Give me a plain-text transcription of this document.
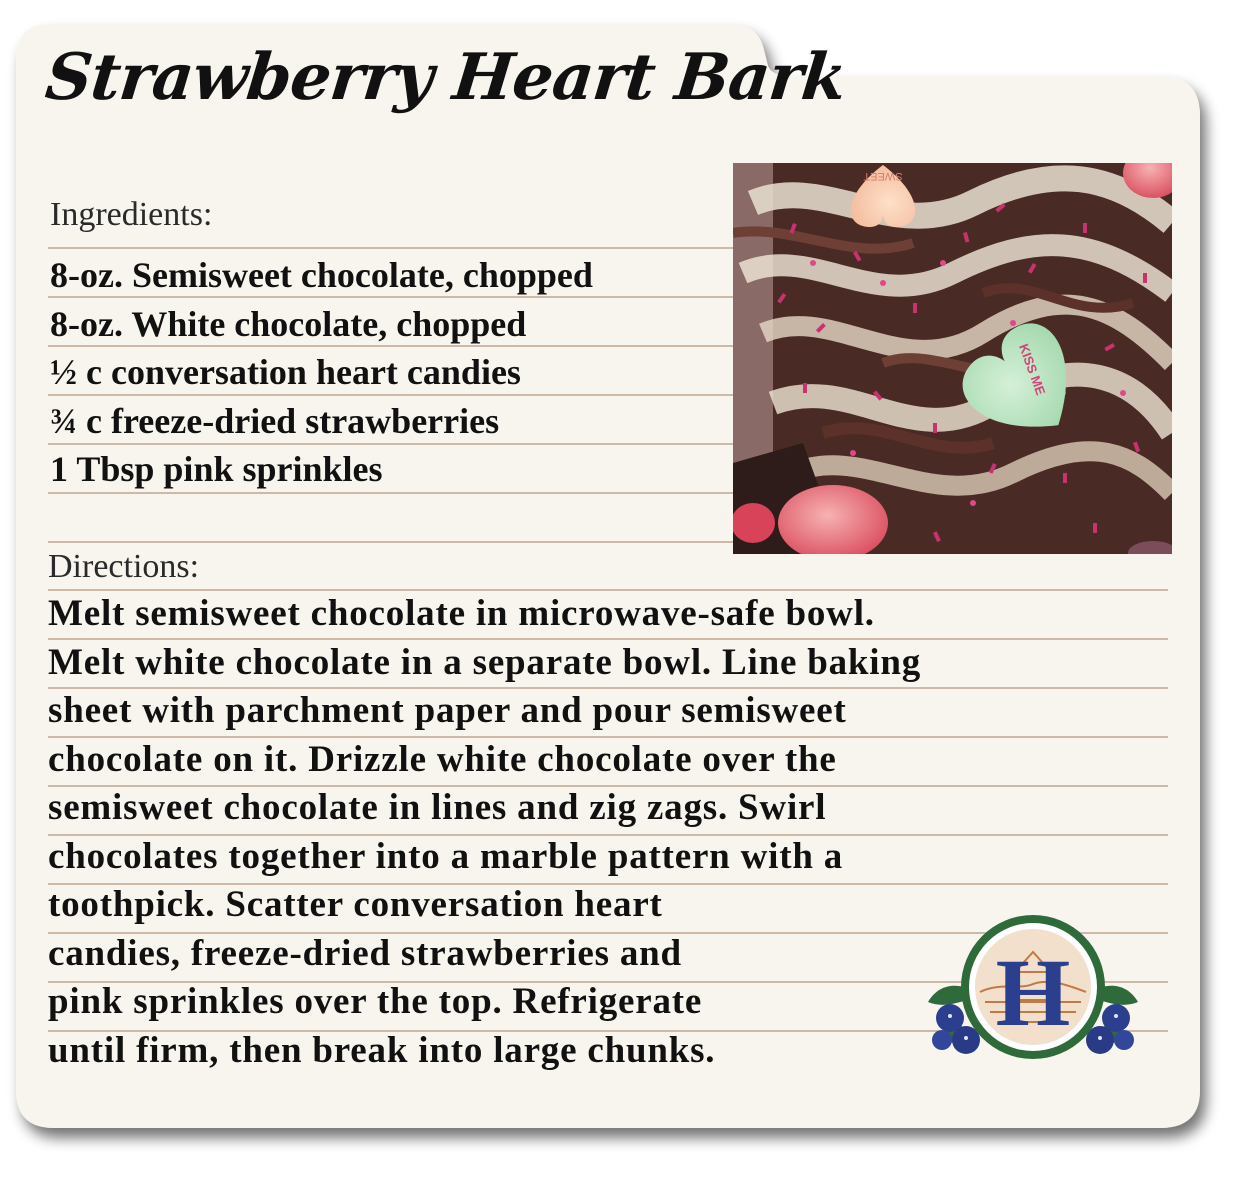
Strawberry Heart Bark
Ingredients:
8-oz. Semisweet chocolate, chopped
8-oz. White chocolate, chopped
½ c conversation heart candies
¾ c freeze-dried strawberries
1 Tbsp pink sprinkles
Directions:
Melt semisweet chocolate in microwave-safe bowl.
Melt white chocolate in a separate bowl. Line baking
sheet with parchment paper and pour semisweet
chocolate on it. Drizzle white chocolate over the
semisweet chocolate in lines and zig zags. Swirl
chocolates together into a marble pattern with a
toothpick. Scatter conversation heart
candies, freeze-dried strawberries and
pink sprinkles over the top. Refrigerate
until firm, then break into large chunks.
SWEET
KISS ME
H
